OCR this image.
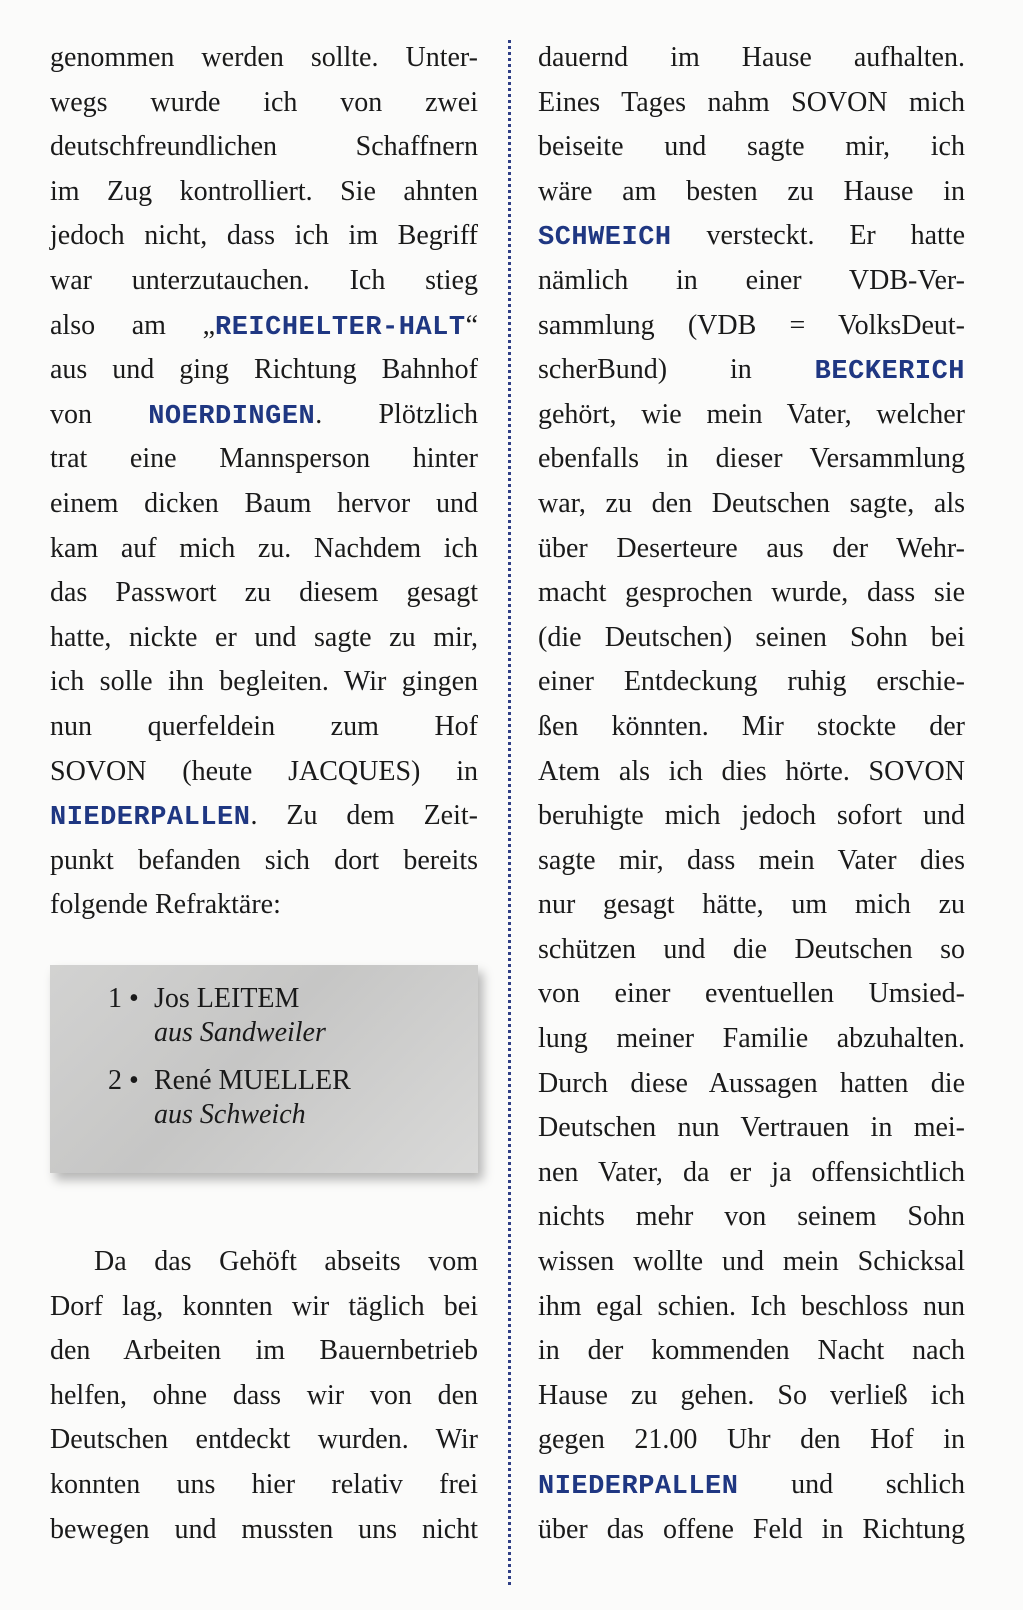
genommen werden sollte. Unter-
wegs wurde ich von zwei
deutschfreundlichen Schaffnern
im Zug kontrolliert. Sie ahnten
jedoch nicht, dass ich im Begriff
war unterzutauchen. Ich stieg
also am „REICHELTER-HALT“
aus und ging Richtung Bahnhof
von NOERDINGEN. Plötzlich
trat eine Mannsperson hinter
einem dicken Baum hervor und
kam auf mich zu. Nachdem ich
das Passwort zu diesem gesagt
hatte, nickte er und sagte zu mir,
ich solle ihn begleiten. Wir gingen
nun querfeldein zum Hof
SOVON (heute JACQUES) in
NIEDERPALLEN. Zu dem Zeit-
punkt befanden sich dort bereits
folgende Refraktäre:
1 • Jos LEITEM
aus Sandweiler
2 • René MUELLER
aus Schweich
Da das Gehöft abseits vom
Dorf lag, konnten wir täglich bei
den Arbeiten im Bauernbetrieb
helfen, ohne dass wir von den
Deutschen entdeckt wurden. Wir
konnten uns hier relativ frei
bewegen und mussten uns nicht
dauernd im Hause aufhalten.
Eines Tages nahm SOVON mich
beiseite und sagte mir, ich
wäre am besten zu Hause in
SCHWEICH versteckt. Er hatte
nämlich in einer VDB-Ver-
sammlung (VDB = VolksDeut-
scherBund) in BECKERICH
gehört, wie mein Vater, welcher
ebenfalls in dieser Versammlung
war, zu den Deutschen sagte, als
über Deserteure aus der Wehr-
macht gesprochen wurde, dass sie
(die Deutschen) seinen Sohn bei
einer Entdeckung ruhig erschie-
ßen könnten. Mir stockte der
Atem als ich dies hörte. SOVON
beruhigte mich jedoch sofort und
sagte mir, dass mein Vater dies
nur gesagt hätte, um mich zu
schützen und die Deutschen so
von einer eventuellen Umsied-
lung meiner Familie abzuhalten.
Durch diese Aussagen hatten die
Deutschen nun Vertrauen in mei-
nen Vater, da er ja offensichtlich
nichts mehr von seinem Sohn
wissen wollte und mein Schicksal
ihm egal schien. Ich beschloss nun
in der kommenden Nacht nach
Hause zu gehen. So verließ ich
gegen 21.00 Uhr den Hof in
NIEDERPALLEN und schlich
über das offene Feld in Richtung
